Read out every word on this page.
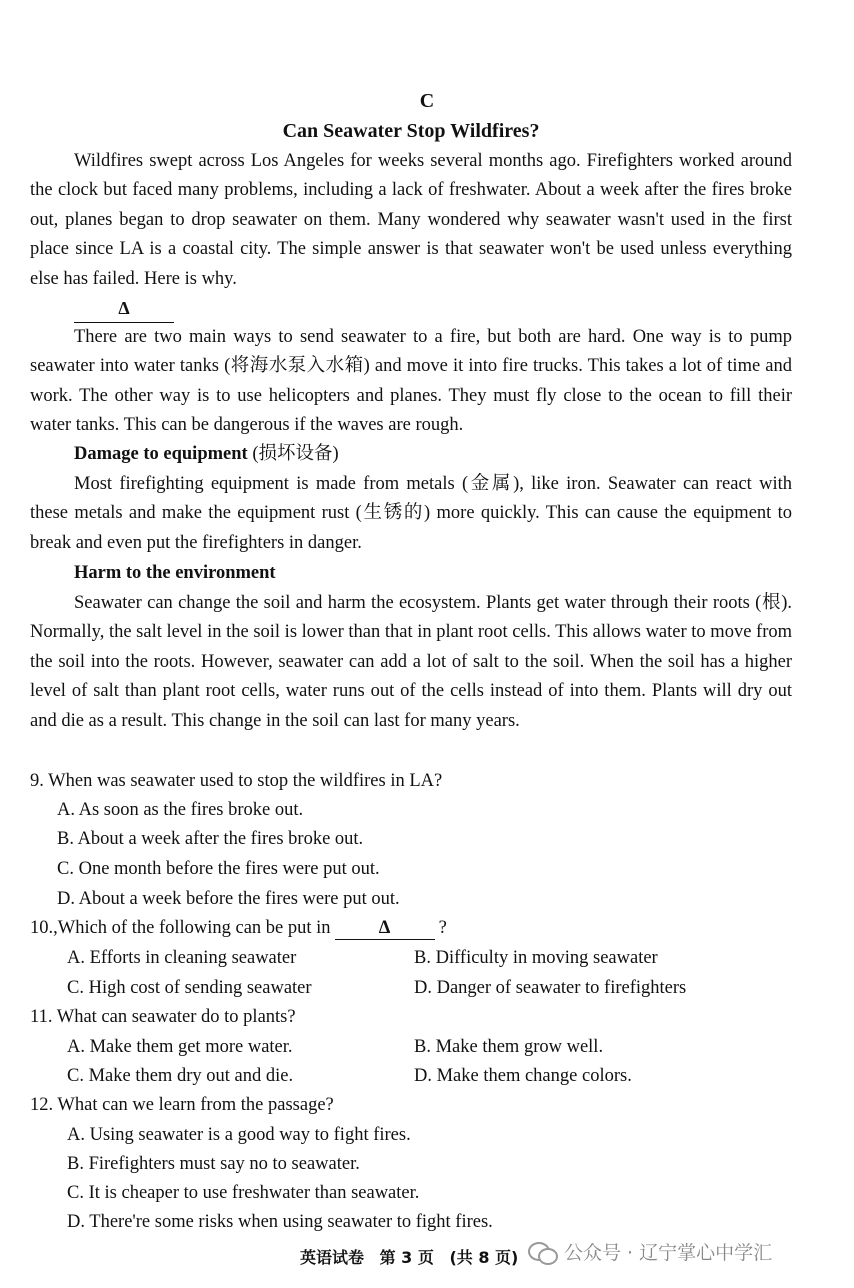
C
Can Seawater Stop Wildfires?

Wildfires swept across Los Angeles for weeks several months ago. Firefighters worked around the clock but faced many problems, including a lack of freshwater. About a week after the fires broke out, planes began to drop seawater on them. Many wondered why seawater wasn't used in the first place since LA is a coastal city. The simple answer is that seawater won't be used unless everything else has failed. Here is why.

Δ

There are two main ways to send seawater to a fire, but both are hard. One way is to pump seawater into water tanks (将海水泵入水箱) and move it into fire trucks. This takes a lot of time and work. The other way is to use helicopters and planes. They must fly close to the ocean to fill their water tanks. This can be dangerous if the waves are rough.

Damage to equipment (损坏设备)

Most firefighting equipment is made from metals (金属), like iron. Seawater can react with these metals and make the equipment rust (生锈的) more quickly. This can cause the equipment to break and even put the firefighters in danger.

Harm to the environment

Seawater can change the soil and harm the ecosystem. Plants get water through their roots (根). Normally, the salt level in the soil is lower than that in plant root cells. This allows water to move from the soil into the roots. However, seawater can add a lot of salt to the soil. When the soil has a higher level of salt than plant root cells, water runs out of the cells instead of into them. Plants will dry out and die as a result. This change in the soil can last for many years.

9. When was seawater used to stop the wildfires in LA?
A. As soon as the fires broke out.
B. About a week after the fires broke out.
C. One month before the fires were put out.
D. About a week before the fires were put out.
10.,Which of the following can be put in	Δ	?
A. Efforts in cleaning seawater	B. Difficulty in moving seawater
C. High cost of sending seawater	D. Danger of seawater to firefighters
11. What can seawater do to plants?
A. Make them get more water.	B. Make them grow well.
C. Make them dry out and die.	D. Make them change colors.
12. What can we learn from the passage?
A. Using seawater is a good way to fight fires.
B. Firefighters must say no to seawater.
C. It is cheaper to use freshwater than seawater.
D. There're some risks when using seawater to fight fires.
英语试卷 第 3 页 (共 8 页)	公众号 · 辽宁掌心中学汇
